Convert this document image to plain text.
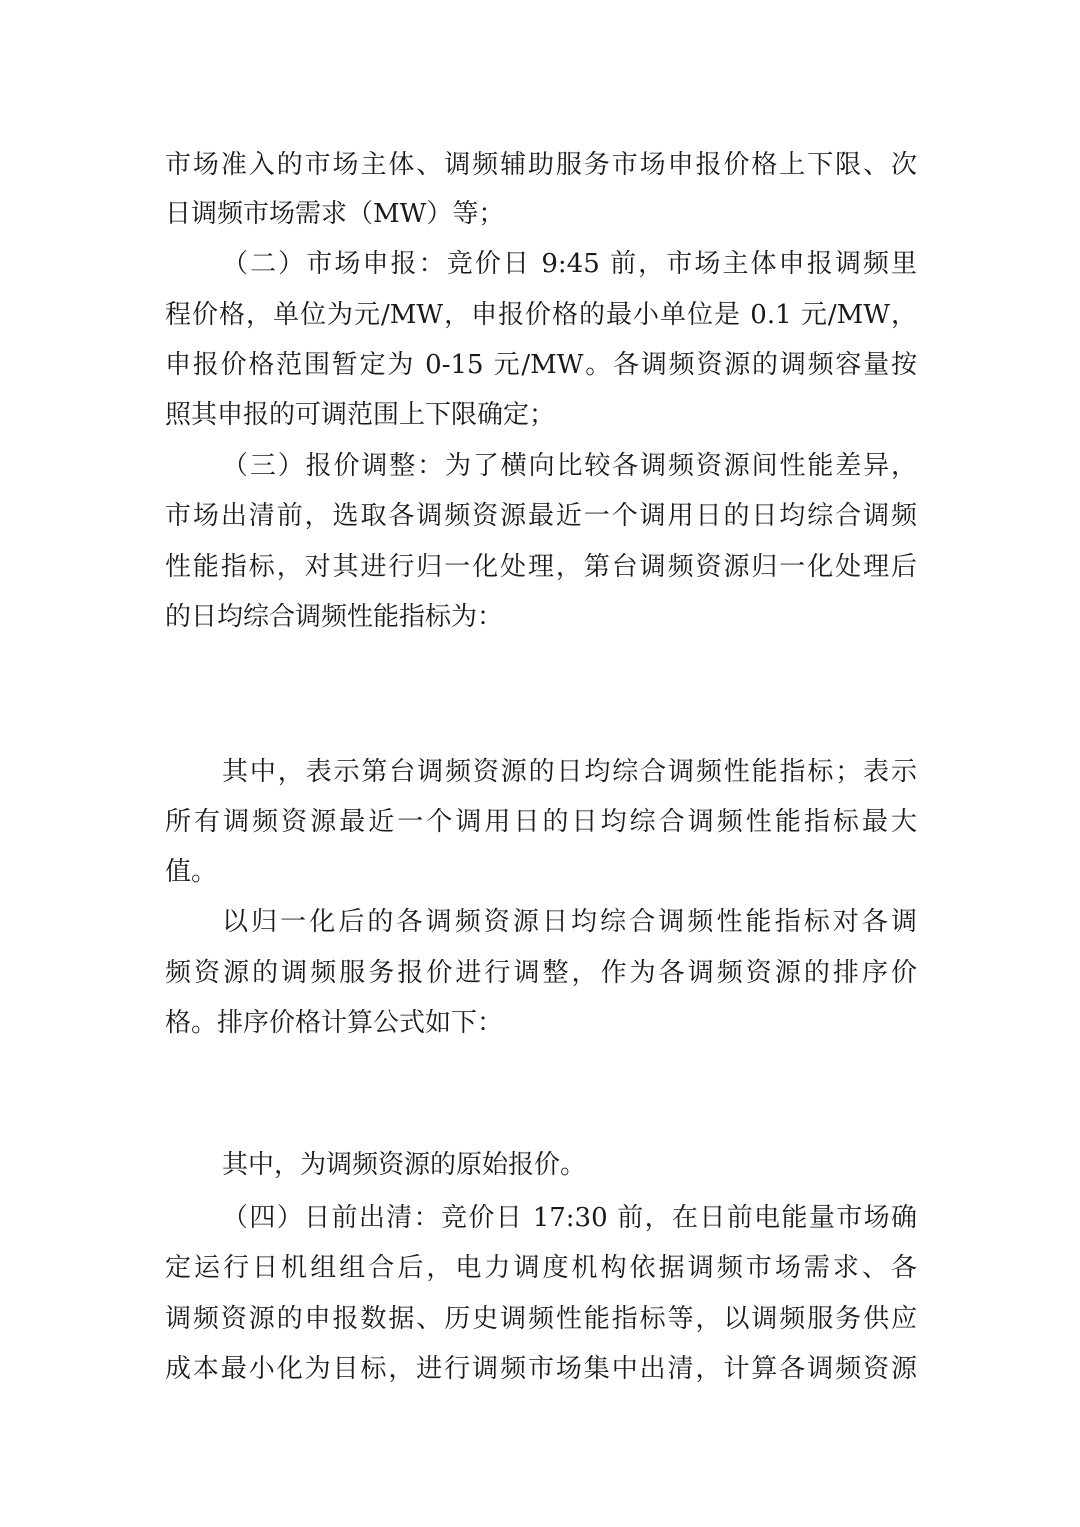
市场准入的市场主体、调频辅助服务市场申报价格上下限、次
日调频市场需求（MW）等；
（二）市场申报：竞价日 9:45 前，市场主体申报调频里
程价格，单位为元/MW，申报价格的最小单位是 0.1 元/MW，
申报价格范围暂定为 0-15 元/MW。各调频资源的调频容量按
照其申报的可调范围上下限确定；
（三）报价调整：为了横向比较各调频资源间性能差异，
市场出清前，选取各调频资源最近一个调用日的日均综合调频
性能指标，对其进行归一化处理，第台调频资源归一化处理后
的日均综合调频性能指标为：
其中，表示第台调频资源的日均综合调频性能指标；表示
所有调频资源最近一个调用日的日均综合调频性能指标最大
值。
以归一化后的各调频资源日均综合调频性能指标对各调
频资源的调频服务报价进行调整，作为各调频资源的排序价
格。排序价格计算公式如下：
其中，为调频资源的原始报价。
（四）日前出清：竞价日 17:30 前，在日前电能量市场确
定运行日机组组合后，电力调度机构依据调频市场需求、各
调频资源的申报数据、历史调频性能指标等，以调频服务供应
成本最小化为目标，进行调频市场集中出清，计算各调频资源
